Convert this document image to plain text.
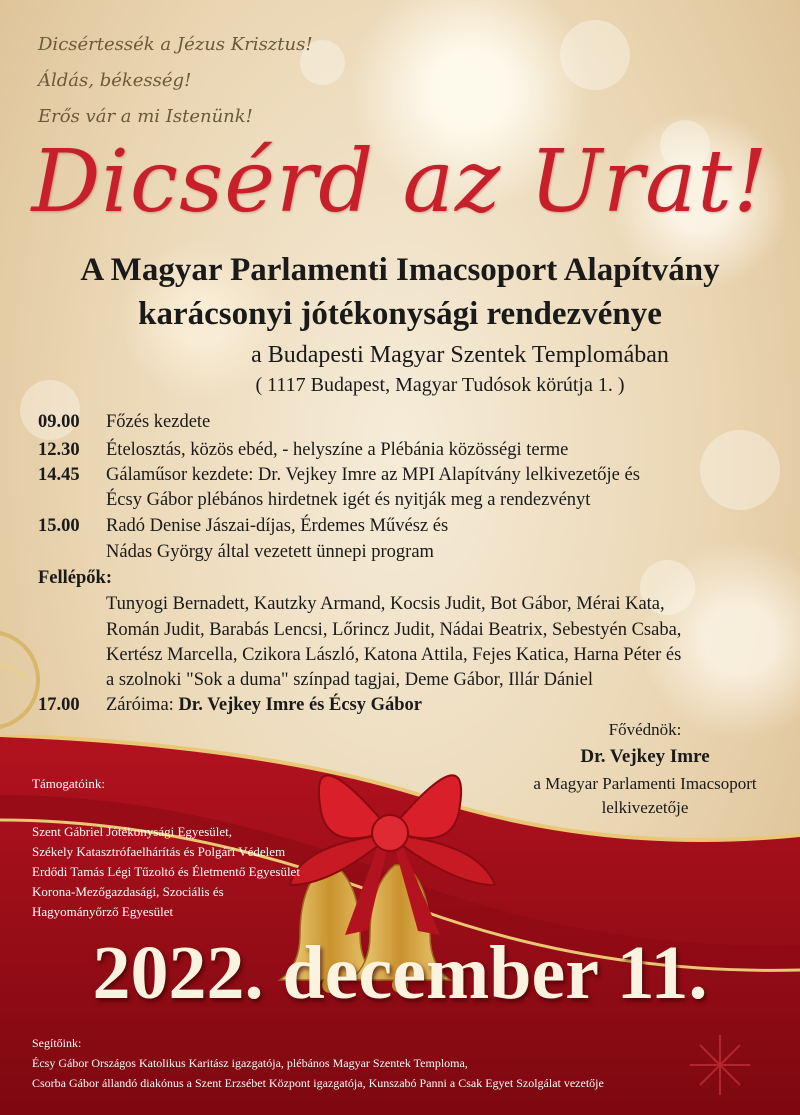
Dicsértessék a Jézus Krisztus!
Áldás, békesség!
Erős vár a mi Istenünk!
Dicsérd az Urat!
A Magyar Parlamenti Imacsoport Alapítvány
karácsonyi jótékonysági rendezvénye
a Budapesti Magyar Szentek Templomában
( 1117 Budapest, Magyar Tudósok körútja 1. )
09.00	Főzés kezdete
12.30	Ételosztás, közös ebéd, - helyszíne a Plébánia közösségi terme
14.45	Gálaműsor kezdete: Dr. Vejkey Imre az MPI Alapítvány lelkivezetője és
Écsy Gábor plébános hirdetnek igét és nyitják meg a rendezvényt
15.00	Radó Denise Jászai-díjas, Érdemes Művész és
Nádas György által vezetett ünnepi program
Fellépők:
Tunyogi Bernadett, Kautzky Armand, Kocsis Judit, Bot Gábor, Mérai Kata,
Román Judit, Barabás Lencsi, Lőrincz Judit, Nádai Beatrix, Sebestyén Csaba,
Kertész Marcella, Czikora László, Katona Attila, Fejes Katica, Harna Péter és
a szolnoki "Sok a duma" színpad tagjai, Deme Gábor, Illár Dániel
17.00	Záróima: Dr. Vejkey Imre és Écsy Gábor
Fővédnök:
Dr. Vejkey Imre
a Magyar Parlamenti Imacsoport
lelkivezetője
Támogatóink:
Szent Gábriel Jótékonysági Egyesület,
Székely Katasztrófaelhárítás és Polgári Védelem
Erdődi Tamás Légi Tűzoltó és Életmentő Egyesület
Korona-Mezőgazdasági, Szociális és
Hagyományőrző Egyesület
2022. december 11.
Segítőink:
Écsy Gábor Országos Katolikus Karitász igazgatója, plébános Magyar Szentek Temploma,
Csorba Gábor állandó diakónus a Szent Erzsébet Központ igazgatója, Kunszabó Panni a Csak Egyet Szolgálat vezetője
